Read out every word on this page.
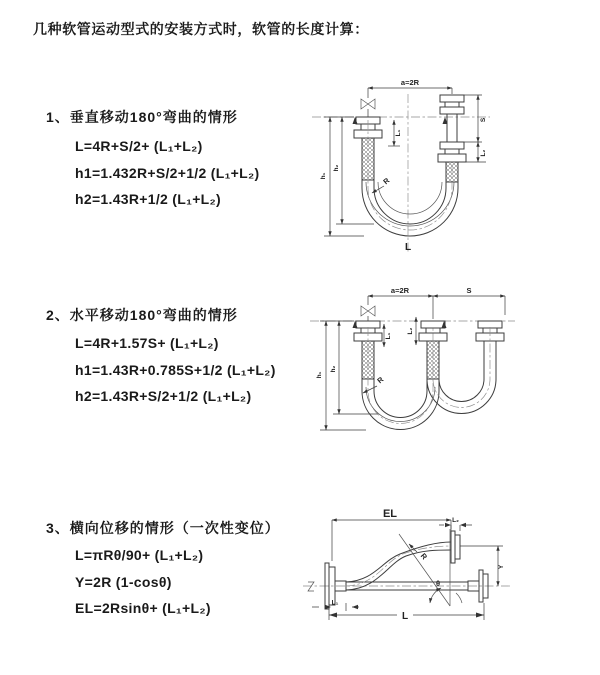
几种软管运动型式的安装方式时，软管的长度计算：
1、垂直移动180°弯曲的情形
L=4R+S/2+ (L₁+L₂)
h1=1.432R+S/2+1/2 (L₁+L₂)
h2=1.43R+1/2 (L₁+L₂)
2、水平移动180°弯曲的情形
L=4R+1.57S+ (L₁+L₂)
h1=1.43R+0.785S+1/2 (L₁+L₂)
h2=1.43R+S/2+1/2 (L₁+L₂)
3、横向位移的情形（一次性变位）
L=πRθ/90+ (L₁+L₂)
Y=2R (1-cosθ)
EL=2Rsinθ+ (L₁+L₂)
a=2R
R
L₁
S
L₂
h₁
h₂
L
a=2R	S
R
L₁
L₂
h₁
h₂
EL
L₂
Y
R
θ
L
L₁
